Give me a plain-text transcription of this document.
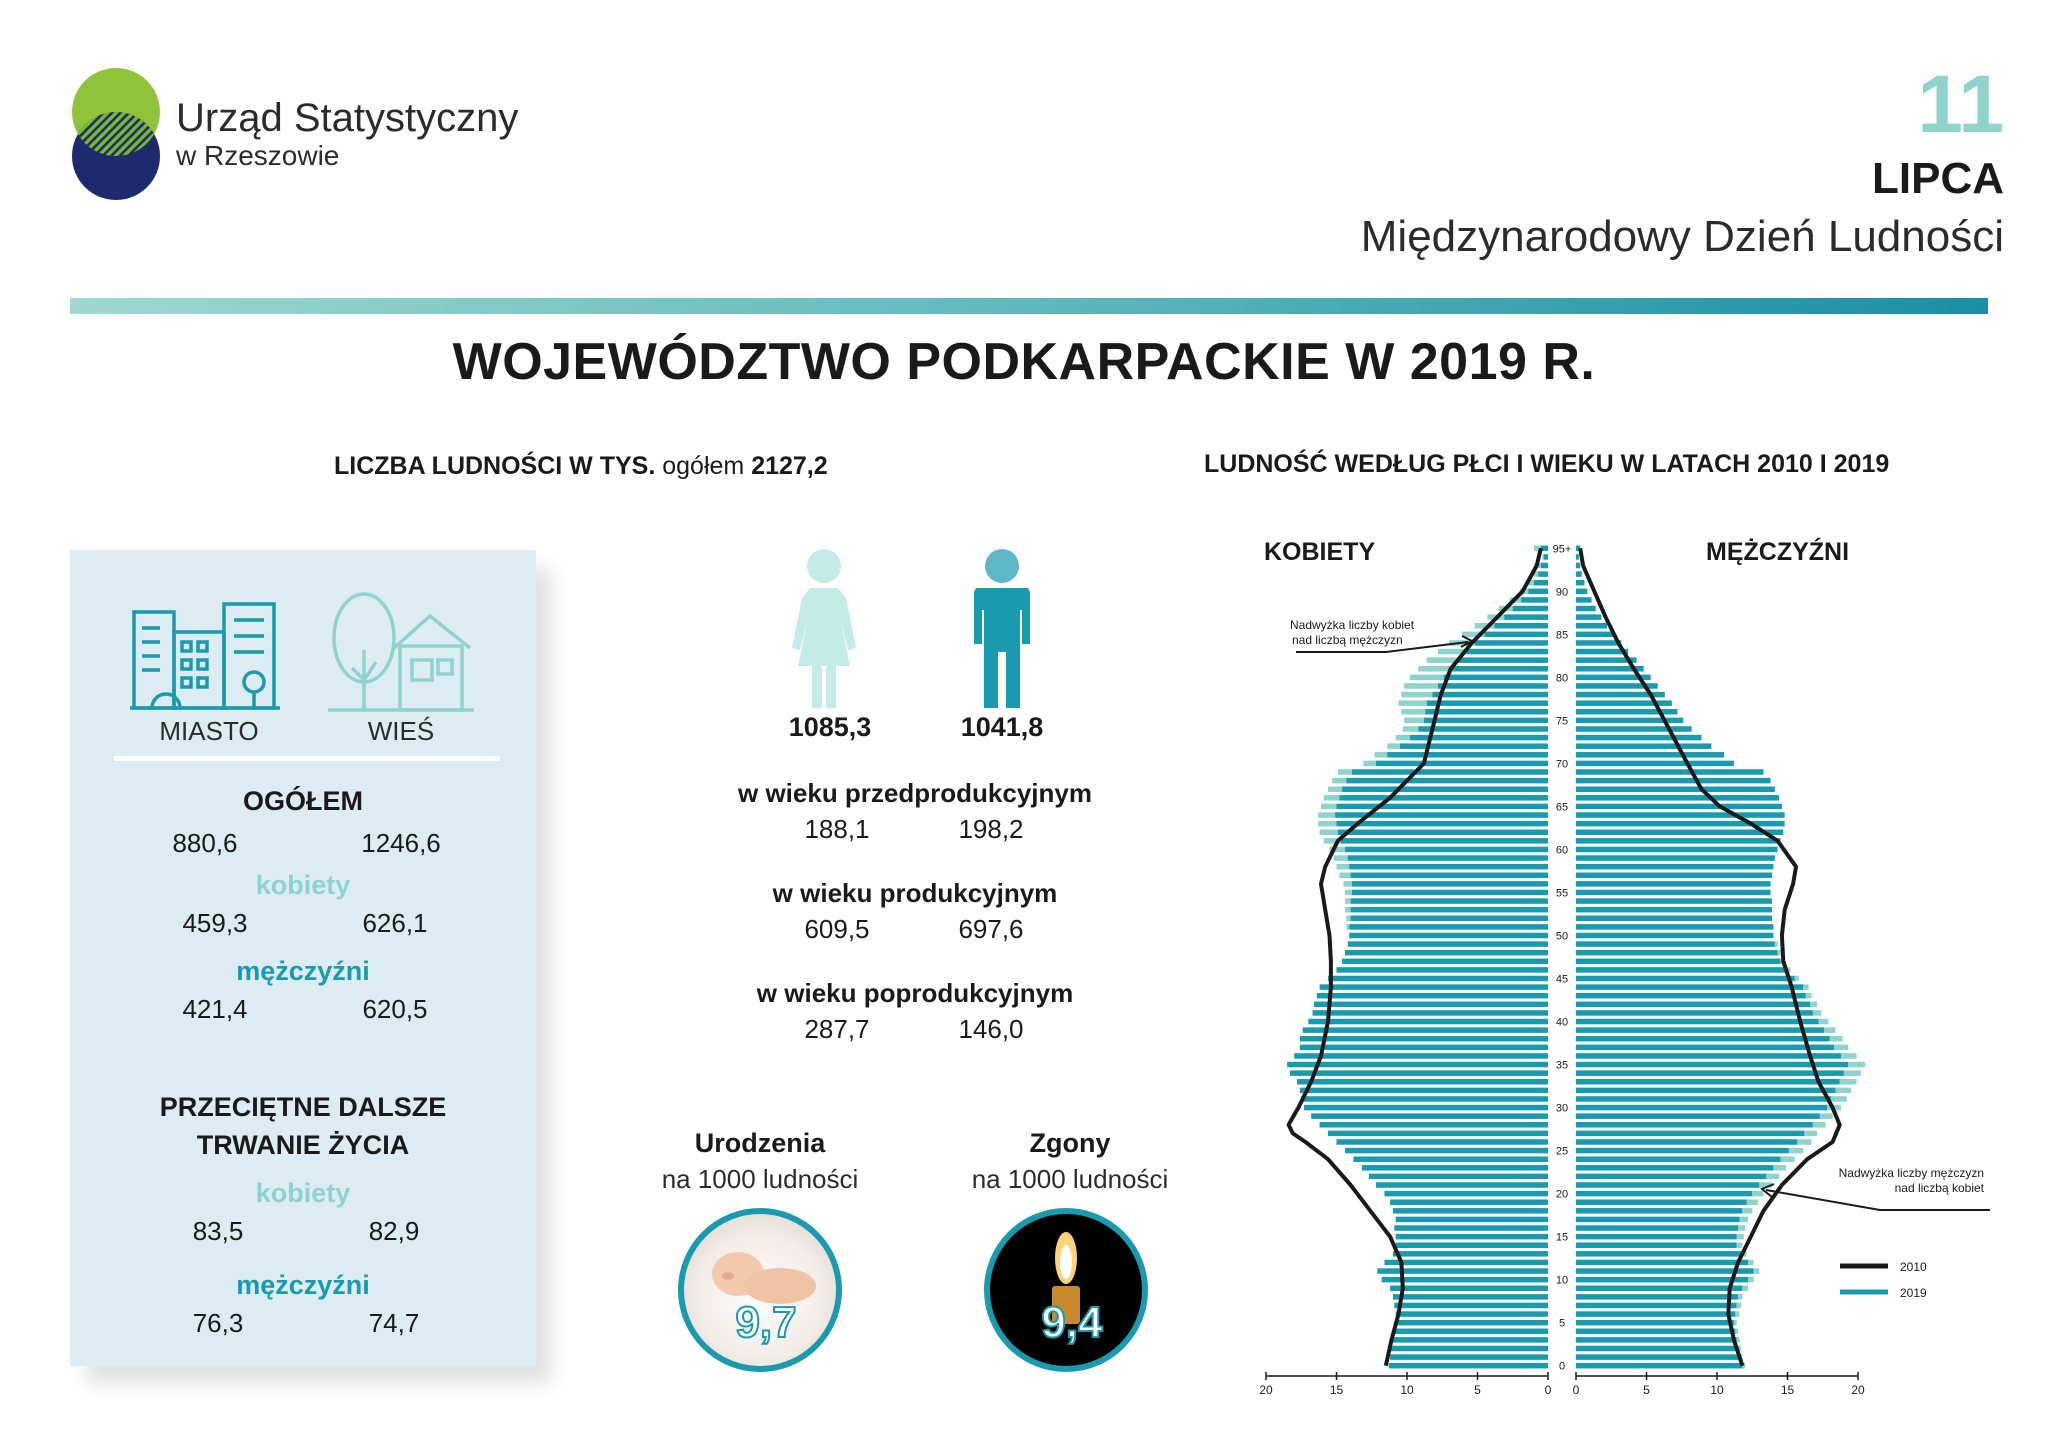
Urząd Statystyczny
w Rzeszowie
11
LIPCA
Międzynarodowy Dzień Ludności
WOJEWÓDZTWO PODKARPACKIE W 2019 R.
LICZBA LUDNOŚCI W TYS. ogółem 2127,2	LUDNOŚĆ WEDŁUG PŁCI I WIEKU W LATACH 2010 I 2019
MIASTO	WIEŚ
OGÓŁEM
880,6	1246,6
kobiety
459,3	626,1
mężczyźni
421,4	620,5
PRZECIĘTNE DALSZE
TRWANIE ŻYCIA
kobiety
83,5	82,9
mężczyźni
76,3	74,7
1085,3	1041,8
w wieku przedprodukcyjnym
188,1	198,2
w wieku produkcyjnym
609,5	697,6
w wieku poprodukcyjnym
287,7	146,0
Urodzenia
na 1000 ludności
9,7
Zgony
na 1000 ludności
9,4
KOBIETY	MĘŻCZYŹNI
0
5
10
15
20
25
30
35
40
45
50
55
60
65
70
75
80
85
90
95+
20	20
15	15
10	10
5	5
0 0
2010
2019
Nadwyżka liczby kobiet
nad liczbą mężczyzn
Nadwyżka liczby mężczyzn
nad liczbą kobiet
